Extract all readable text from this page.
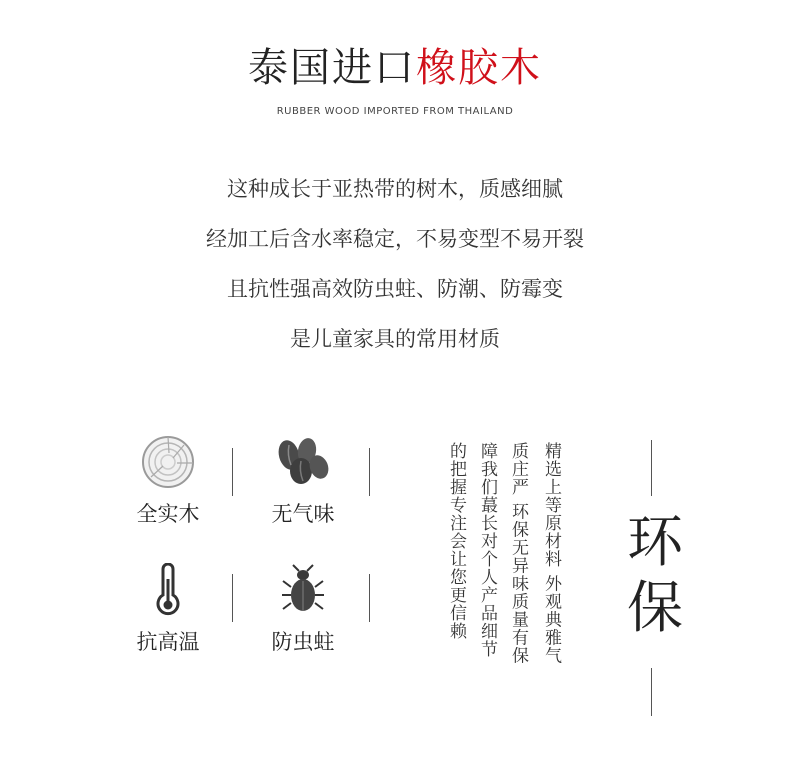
泰国进口橡胶木
RUBBER WOOD IMPORTED FROM THAILAND
这种成长于亚热带的树木，质感细腻
经加工后含水率稳定，不易变型不易开裂
且抗性强高效防虫蛀、防潮、防霉变
是儿童家具的常用材质
全实木	无气味
抗高温	防虫蛀	精选上等原材料 外观典雅气
质庄严 环保无异味质量有保
障我们蕞长对个人产品细节
的把握专注会让您更信赖	环保
